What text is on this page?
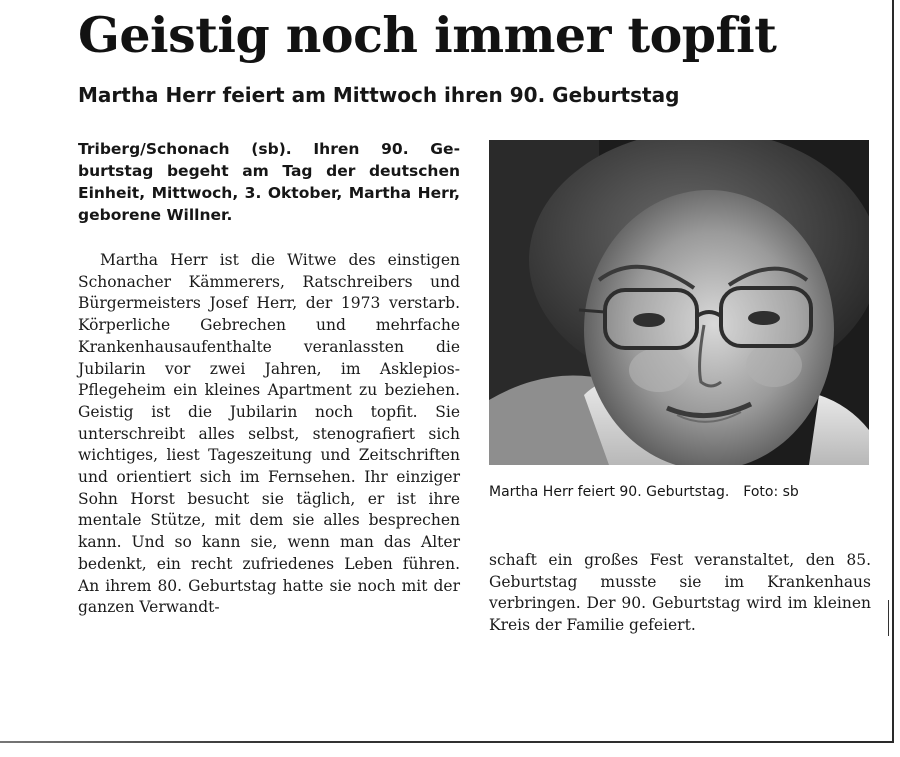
Geistig noch immer topfit
Martha Herr feiert am Mittwoch ihren 90. Geburtstag

Triberg/Schonach (sb). Ihren 90. Geburtstag begeht am Tag der deutschen Einheit, Mittwoch, 3. Oktober, Martha Herr, geborene Willner.

Martha Herr ist die Witwe des einstigen Schonacher Kämmerers, Ratschreibers und Bürgermeisters Josef Herr, der 1973 verstarb. Körperliche Gebrechen und mehrfache Krankenhausaufenthalte veranlassten die Jubilarin vor zwei Jahren, im Asklepios-Pflegeheim ein kleines Apartment zu beziehen. Geistig ist die Jubilarin noch topfit. Sie unterschreibt alles selbst, stenografiert sich wichtiges, liest Tageszeitung und Zeitschriften und orientiert sich im Fernsehen. Ihr einziger Sohn Horst besucht sie täglich, er ist ihre mentale Stütze, mit dem sie alles besprechen kann. Und so kann sie, wenn man das Alter bedenkt, ein recht zufriedenes Leben führen. An ihrem 80. Geburtstag hatte sie noch mit der ganzen Verwandt-

Martha Herr feiert 90. Geburtstag. Foto: sb

schaft ein großes Fest veranstaltet, den 85. Geburtstag musste sie im Krankenhaus verbringen. Der 90. Geburtstag wird im kleinen Kreis der Familie gefeiert.
